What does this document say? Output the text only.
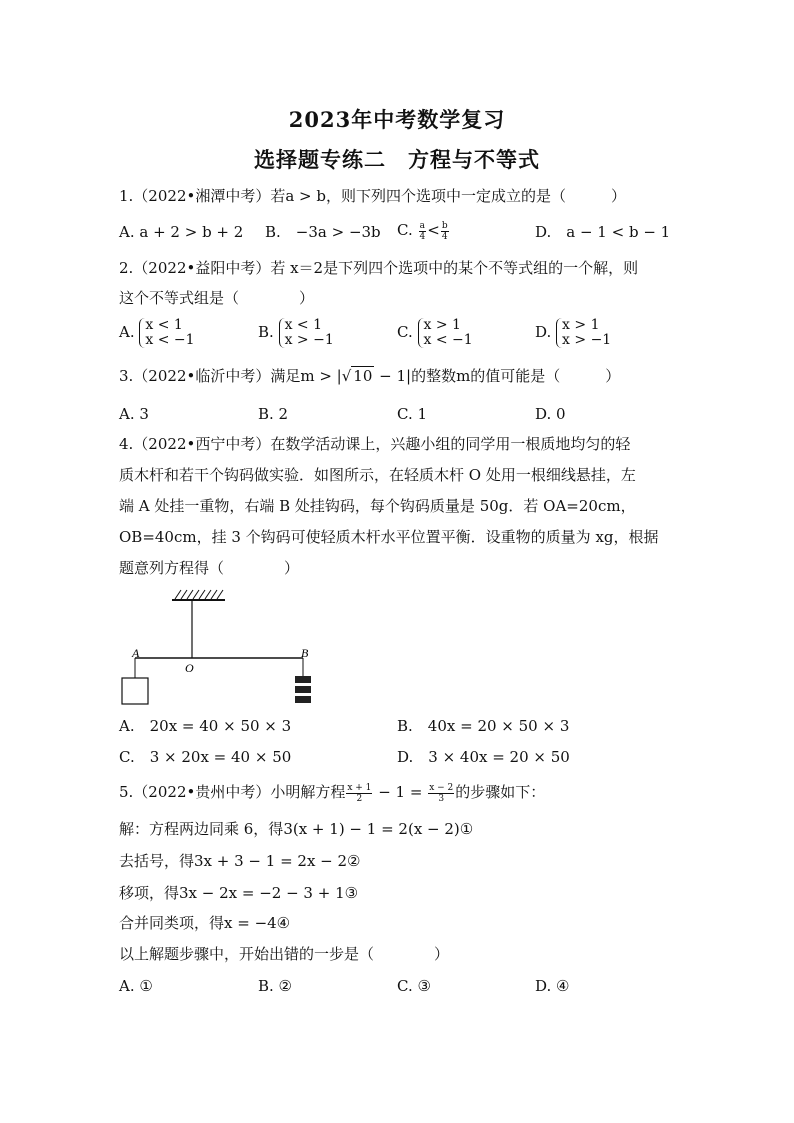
2023年中考数学复习
选择题专练二　方程与不等式
1.（2022•湘潭中考）若a > b，则下列四个选项中一定成立的是（　　　）
A. a + 2 > b + 2 B.　−3a > −3b C. $\frac{a}{4} < \frac{b}{4}$	D.　a − 1 < b − 1
2.（2022•益阳中考）若 x＝2是下列四个选项中的某个不等式组的一个解，则
这个不等式组是（　　　　）
A. x < 1
x < −1	B. x < 1
x > −1	C. x > 1
x < −1	D. x > 1
x > −1
3.（2022•临沂中考）满足m > |√ 10 − 1|的整数m的值可能是（　　　）
A. 3	B. 2	C. 1	D. 0
4.（2022•西宁中考）在数学活动课上，兴趣小组的同学用一根质地均匀的轻
质木杆和若干个钩码做实验．如图所示，在轻质木杆 O 处用一根细线悬挂，左
端 A 处挂一重物，右端 B 处挂钩码，每个钩码质量是 50g．若 OA=20cm，
OB=40cm，挂 3 个钩码可使轻质木杆水平位置平衡．设重物的质量为 xg，根据
题意列方程得（　　　　）
A
O
B
A.　20x = 40 × 50 × 3	B.　40x = 20 × 50 × 3
C.　3 × 20x = 40 × 50	D.　3 × 40x = 20 × 50
5.（2022•贵州中考）小明解方程 $\frac{x + 1}{2} - 1 = \frac{x - 2}{3}$ 的步骤如下：
解：方程两边同乘 6，得3(x + 1) − 1 = 2(x − 2)①
去括号，得3x + 3 − 1 = 2x − 2②
移项，得3x − 2x = −2 − 3 + 1③
合并同类项，得x = −4④
以上解题步骤中，开始出错的一步是（　　　　）
A. ①	B. ②	C. ③	D. ④
